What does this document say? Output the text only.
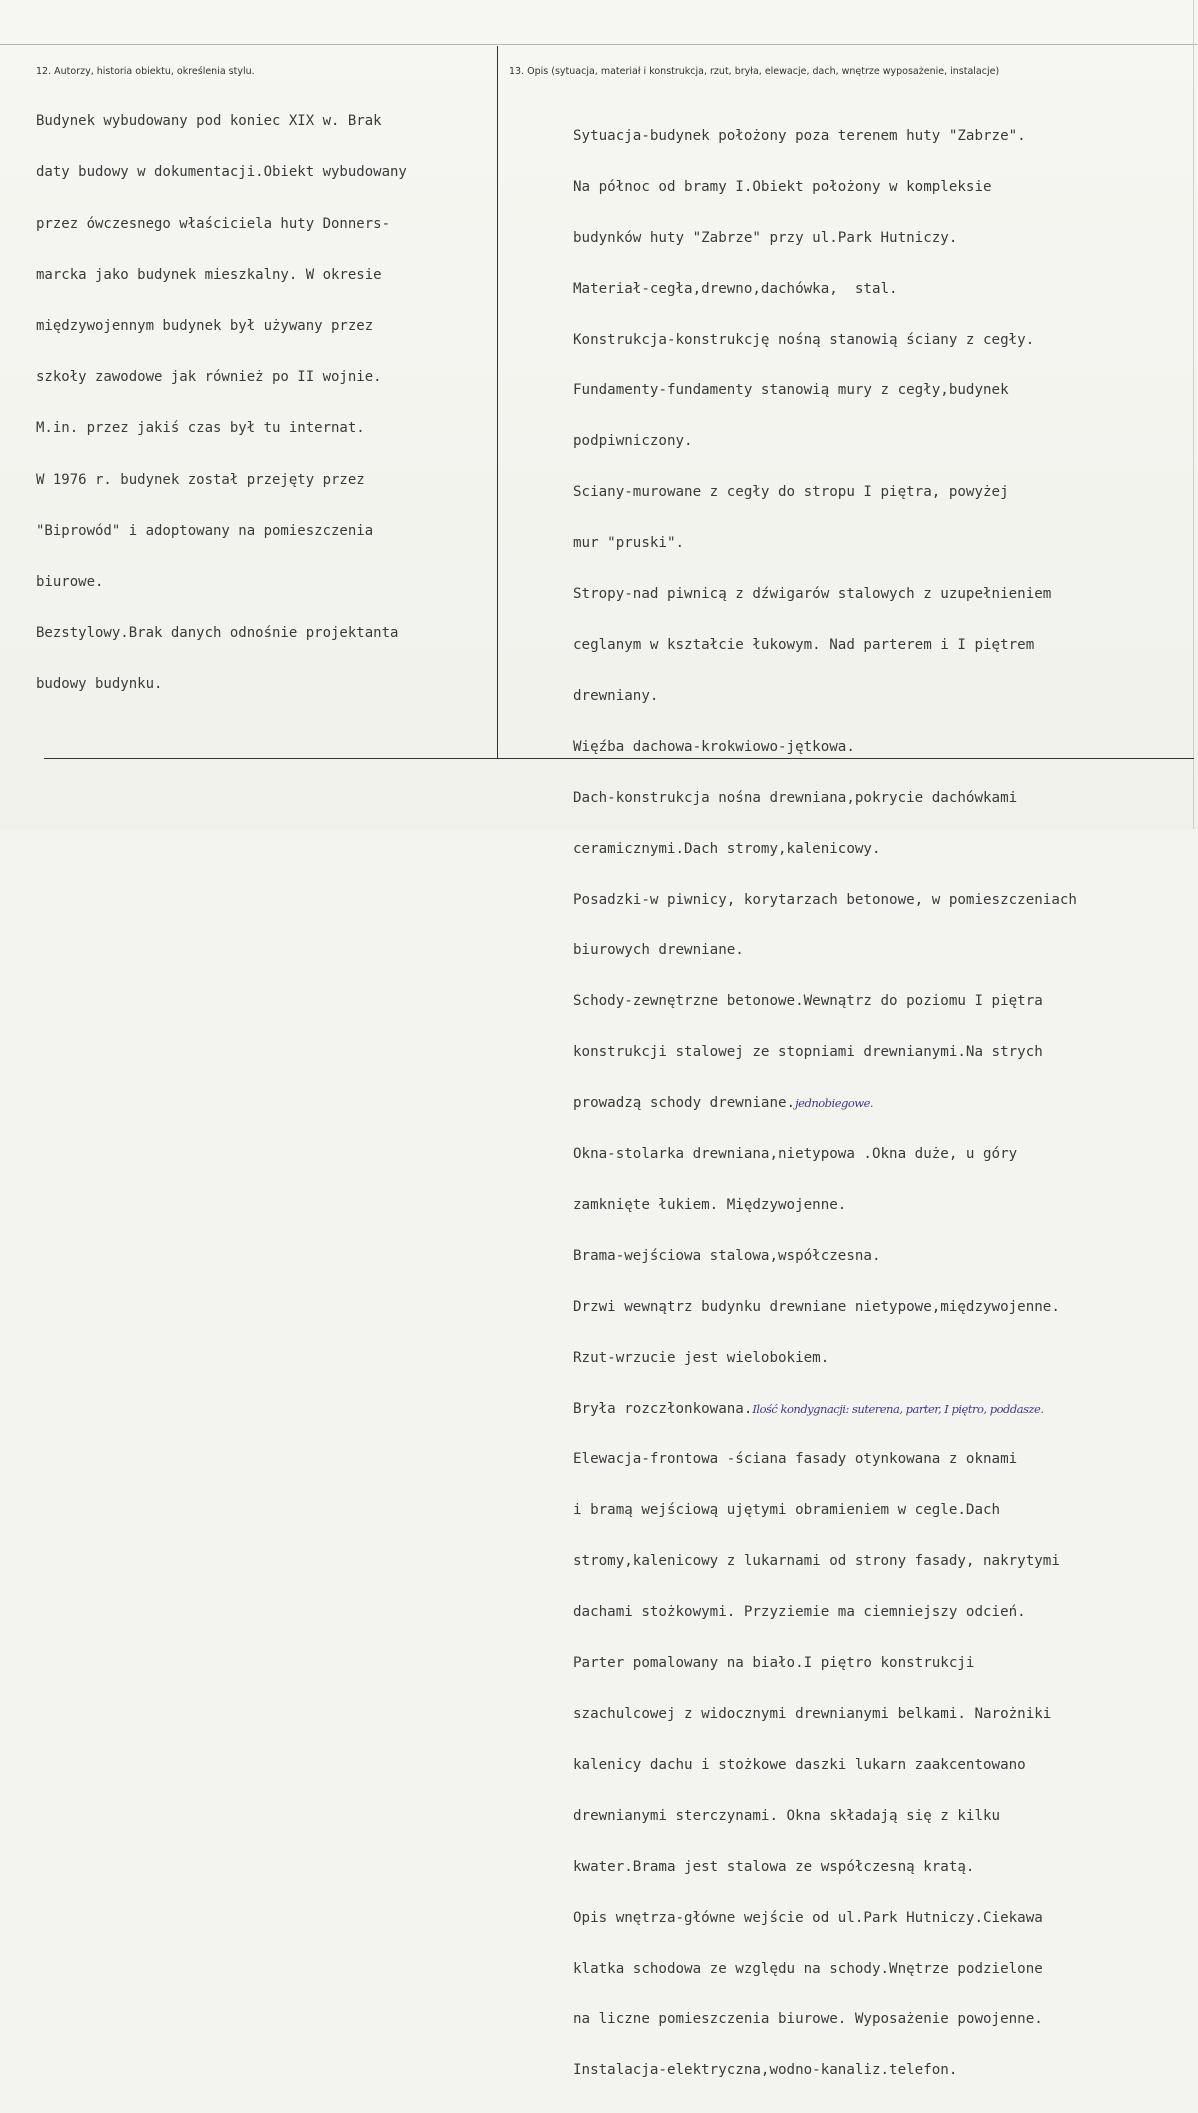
12. Autorzy, historia obiektu, określenia stylu.	13. Opis (sytuacja, materiał i konstrukcja, rzut, bryła, elewacje, dach, wnętrze wyposażenie, instalacje)

Budynek wybudowany pod koniec XIX w. Brak

daty budowy w dokumentacji.Obiekt wybudowany

przez ówczesnego właściciela huty Donners-

marcka jako budynek mieszkalny. W okresie

międzywojennym budynek był używany przez

szkoły zawodowe jak również po II wojnie.

M.in. przez jakiś czas był tu internat.

W 1976 r. budynek został przejęty przez

"Biprowód" i adoptowany na pomieszczenia

biurowe.

Bezstylowy.Brak danych odnośnie projektanta

budowy budynku.

Sytuacja-budynek położony poza terenem huty "Zabrze".

Na północ od bramy I.Obiekt położony w kompleksie

budynków huty "Zabrze" przy ul.Park Hutniczy.

Materiał-cegła,drewno,dachówka,  stal.

Konstrukcja-konstrukcję nośną stanowią ściany z cegły.

Fundamenty-fundamenty stanowią mury z cegły,budynek

podpiwniczony.

Sciany-murowane z cegły do stropu I piętra, powyżej

mur "pruski".

Stropy-nad piwnicą z dźwigarów stalowych z uzupełnieniem

ceglanym w kształcie łukowym. Nad parterem i I piętrem

drewniany.

Więźba dachowa-krokwiowo-jętkowa.

Dach-konstrukcja nośna drewniana,pokrycie dachówkami

ceramicznymi.Dach stromy,kalenicowy.

Posadzki-w piwnicy, korytarzach betonowe, w pomieszczeniach

biurowych drewniane.

Schody-zewnętrzne betonowe.Wewnątrz do poziomu I piętra

konstrukcji stalowej ze stopniami drewnianymi.Na strych

prowadzą schody drewniane.jednobiegowe.

Okna-stolarka drewniana,nietypowa .Okna duże, u góry

zamknięte łukiem. Międzywojenne.

Brama-wejściowa stalowa,współczesna.

Drzwi wewnątrz budynku drewniane nietypowe,międzywojenne.

Rzut-wrzucie jest wielobokiem.

Bryła rozczłonkowana.Ilość kondygnacji: suterena, parter, I piętro, poddasze.

Elewacja-frontowa -ściana fasady otynkowana z oknami

i bramą wejściową ujętymi obramieniem w cegle.Dach

stromy,kalenicowy z lukarnami od strony fasady, nakrytymi

dachami stożkowymi. Przyziemie ma ciemniejszy odcień.

Parter pomalowany na biało.I piętro konstrukcji

szachulcowej z widocznymi drewnianymi belkami. Narożniki

kalenicy dachu i stożkowe daszki lukarn zaakcentowano

drewnianymi sterczynami. Okna składają się z kilku

kwater.Brama jest stalowa ze współczesną kratą.

Opis wnętrza-główne wejście od ul.Park Hutniczy.Ciekawa

klatka schodowa ze względu na schody.Wnętrze podzielone

na liczne pomieszczenia biurowe. Wyposażenie powojenne.

Instalacja-elektryczna,wodno-kanaliz.telefon.
